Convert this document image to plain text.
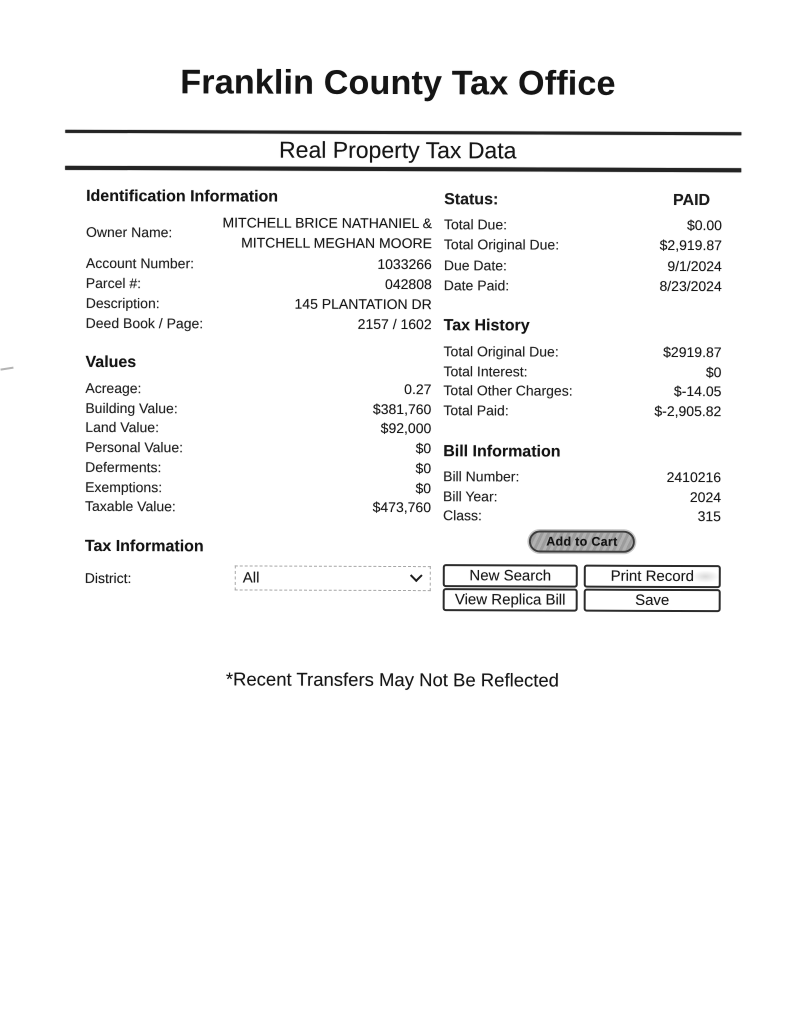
Franklin County Tax Office
Real Property Tax Data
Identification Information
Owner Name:
MITCHELL BRICE NATHANIEL &
MITCHELL MEGHAN MOORE
Account Number:	1033266
Parcel #:	042808
Description:	145 PLANTATION DR
Deed Book / Page:	2157 / 1602
Values
Acreage:	0.27
Building Value:	$381,760
Land Value:	$92,000
Personal Value:	$0
Deferments:	$0
Exemptions:	$0
Taxable Value:	$473,760
Tax Information
District:	All
Status:	PAID
Total Due:	$0.00
Total Original Due:	$2,919.87
Due Date:	9/1/2024
Date Paid:	8/23/2024
Tax History
Total Original Due:	$2919.87
Total Interest:	$0
Total Other Charges:	$-14.05
Total Paid:	$-2,905.82
Bill Information
Bill Number:	2410216
Bill Year:	2024
Class:	315
Add to Cart
New Search	Print Record
View Replica Bill	Save
*Recent Transfers May Not Be Reflected
